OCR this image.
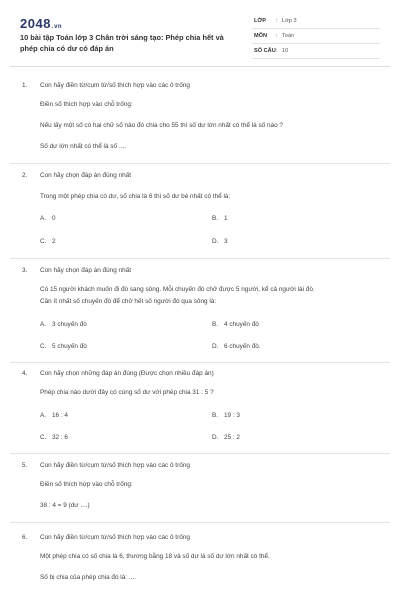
2048.vn
10 bài tập Toán lớp 3 Chân trời sáng tạo: Phép chia hết và phép chia có dư có đáp án
LỚP : Lớp 3
MÔN : Toán
SỐ CÂU : 10
1. Con hãy điền từ/cụm từ/số thích hợp vào các ô trống
Điền số thích hợp vào chỗ trống:
Nếu lấy một số có hai chữ số nào đó chia cho 55 thì số dư lớn nhất có thể là số nào ?
Số dư lớn nhất có thể là số ....
2. Con hãy chọn đáp án đúng nhất
Trong một phép chia có dư, số chia là 6 thì số dư bé nhất có thể là:
A. 0	B. 1
C. 2	D. 3
3. Con hãy chọn đáp án đúng nhất
Có 15 người khách muốn đi đò sang sông. Mỗi chuyến đò chở được 5 người, kể cả người lái đò.
Cần ít nhất số chuyến đò để chở hết số người đó qua sông là:
A. 3 chuyến đò	B. 4 chuyến đò
C. 5 chuyến đò	D. 6 chuyến đò.
4. Con hãy chọn những đáp án đúng (Được chọn nhiều đáp án)
Phép chia nào dưới đây có cùng số dư với phép chia 31 : 5 ?
A. 16 : 4	B. 19 : 3
C. 32 : 6	D. 25 : 2
5. Con hãy điền từ/cụm từ/số thích hợp vào các ô trống
Điền số thích hợp vào chỗ trống:
38 : 4 = 9 (dư ....)
6. Con hãy điền từ/cụm từ/số thích hợp vào các ô trống
Một phép chia có số chia là 6, thương bằng 18 và số dư là số dư lớn nhất có thể.
Số bị chia của phép chia đó là: ....
